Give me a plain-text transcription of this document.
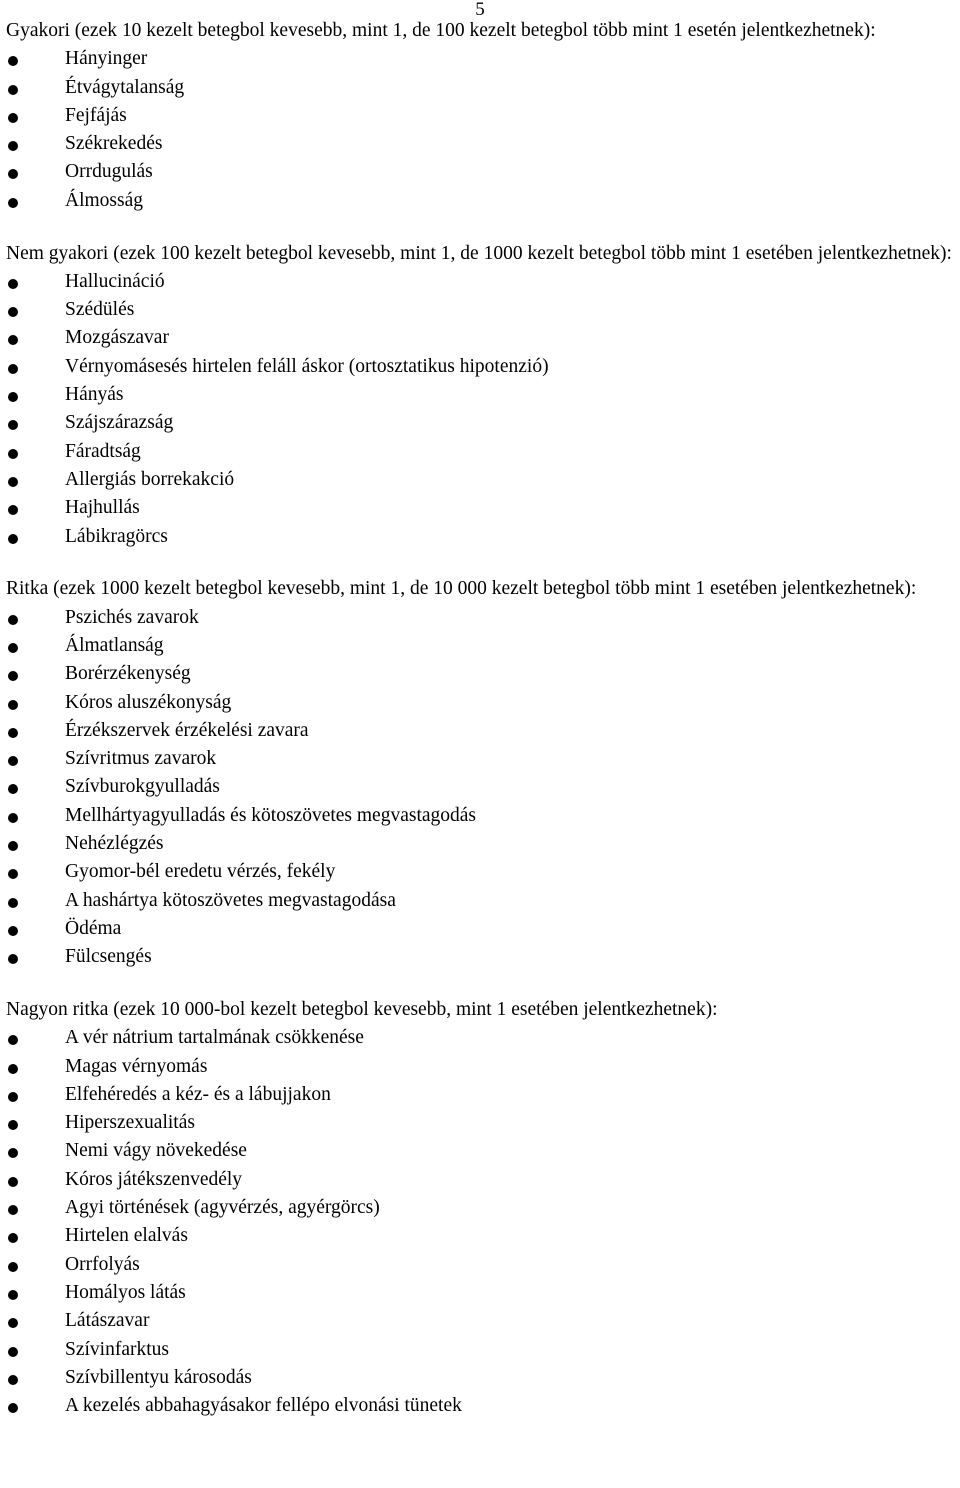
5

Gyakori (ezek 10 kezelt betegbol kevesebb, mint 1, de 100 kezelt betegbol több mint 1 esetén jelentkezhetnek):

Hányinger
Étvágytalanság
Fejfájás
Székrekedés
Orrdugulás
Álmosság

Nem gyakori (ezek 100 kezelt betegbol kevesebb, mint 1, de 1000 kezelt betegbol több mint 1 esetében jelentkezhetnek):

Hallucináció
Szédülés
Mozgászavar
Vérnyomásesés hirtelen feláll áskor (ortosztatikus hipotenzió)
Hányás
Szájszárazság
Fáradtság
Allergiás borrekakció
Hajhullás
Lábikragörcs

Ritka (ezek 1000 kezelt betegbol kevesebb, mint 1, de 10 000 kezelt betegbol több mint 1 esetében jelentkezhetnek):

Pszichés zavarok
Álmatlanság
Borérzékenység
Kóros aluszékonyság
Érzékszervek érzékelési zavara
Szívritmus zavarok
Szívburokgyulladás
Mellhártyagyulladás és kötoszövetes megvastagodás
Nehézlégzés
Gyomor-bél eredetu vérzés, fekély
A hashártya kötoszövetes megvastagodása
Ödéma
Fülcsengés

Nagyon ritka (ezek 10 000-bol kezelt betegbol kevesebb, mint 1 esetében jelentkezhetnek):

A vér nátrium tartalmának csökkenése
Magas vérnyomás
Elfehéredés a kéz- és a lábujjakon
Hiperszexualitás
Nemi vágy növekedése
Kóros játékszenvedély
Agyi történések (agyvérzés, agyérgörcs)
Hirtelen elalvás
Orrfolyás
Homályos látás
Látászavar
Szívinfarktus
Szívbillentyu károsodás
A kezelés abbahagyásakor fellépo elvonási tünetek
